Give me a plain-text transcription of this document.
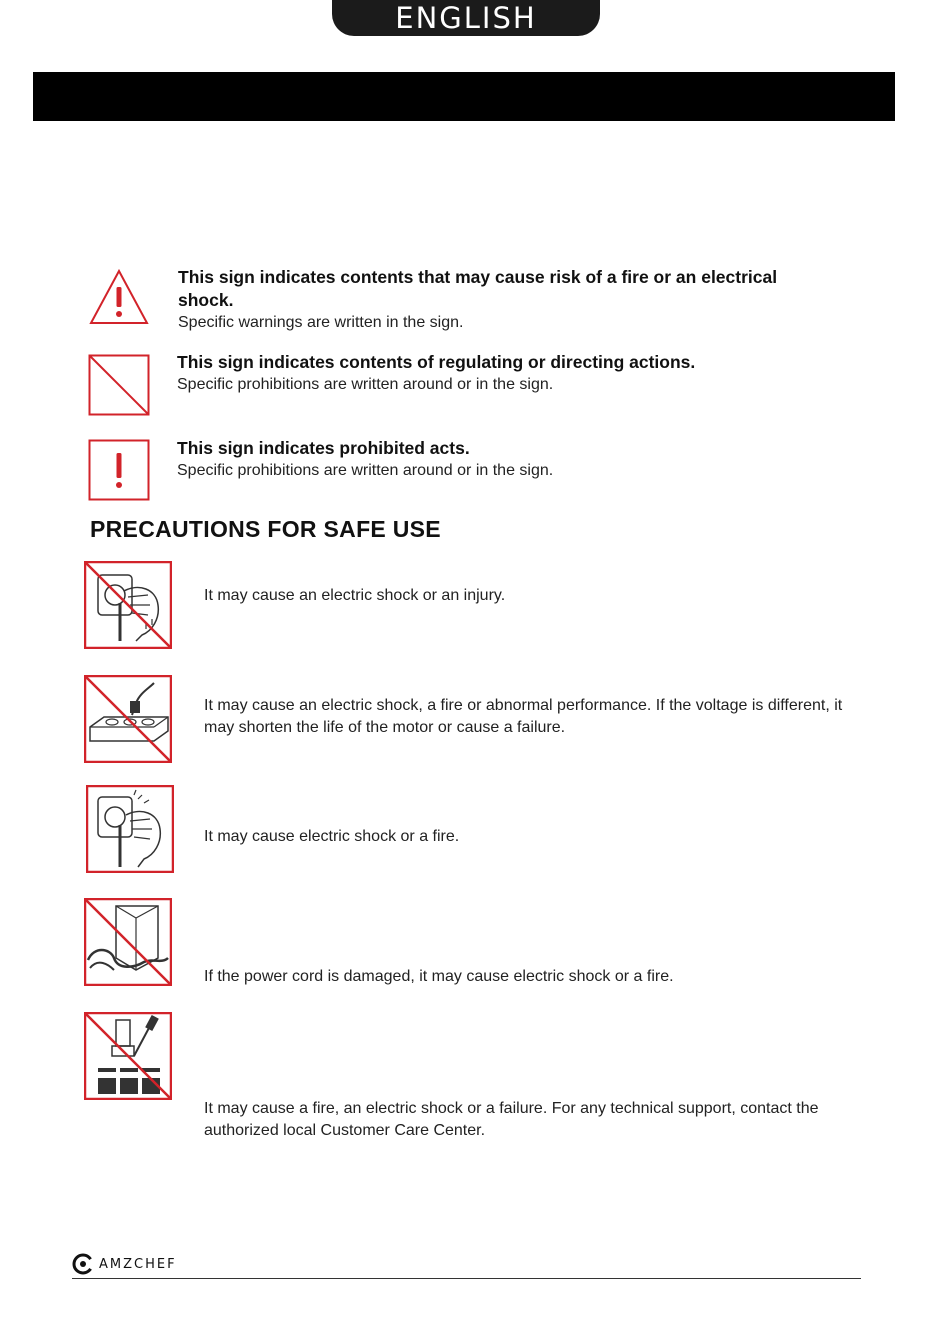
ENGLISH
This sign indicates contents that may cause risk of a fire or an electrical shock.
Specific warnings are written in the sign.
This sign indicates contents of regulating or directing actions.
Specific prohibitions are written around or in the sign.
This sign indicates prohibited acts.
Specific prohibitions are written around or in the sign.
PRECAUTIONS FOR SAFE USE
It may cause an electric shock or an injury.
It may cause an electric shock, a fire or abnormal performance. If the voltage is different, it may shorten the life of the motor or cause a failure.
It may cause electric shock or a fire.
If the power cord is damaged, it may cause electric shock or a fire.
It may cause a fire, an electric shock or a failure. For any technical support, contact the authorized local Customer Care Center.
AMZCHEF
